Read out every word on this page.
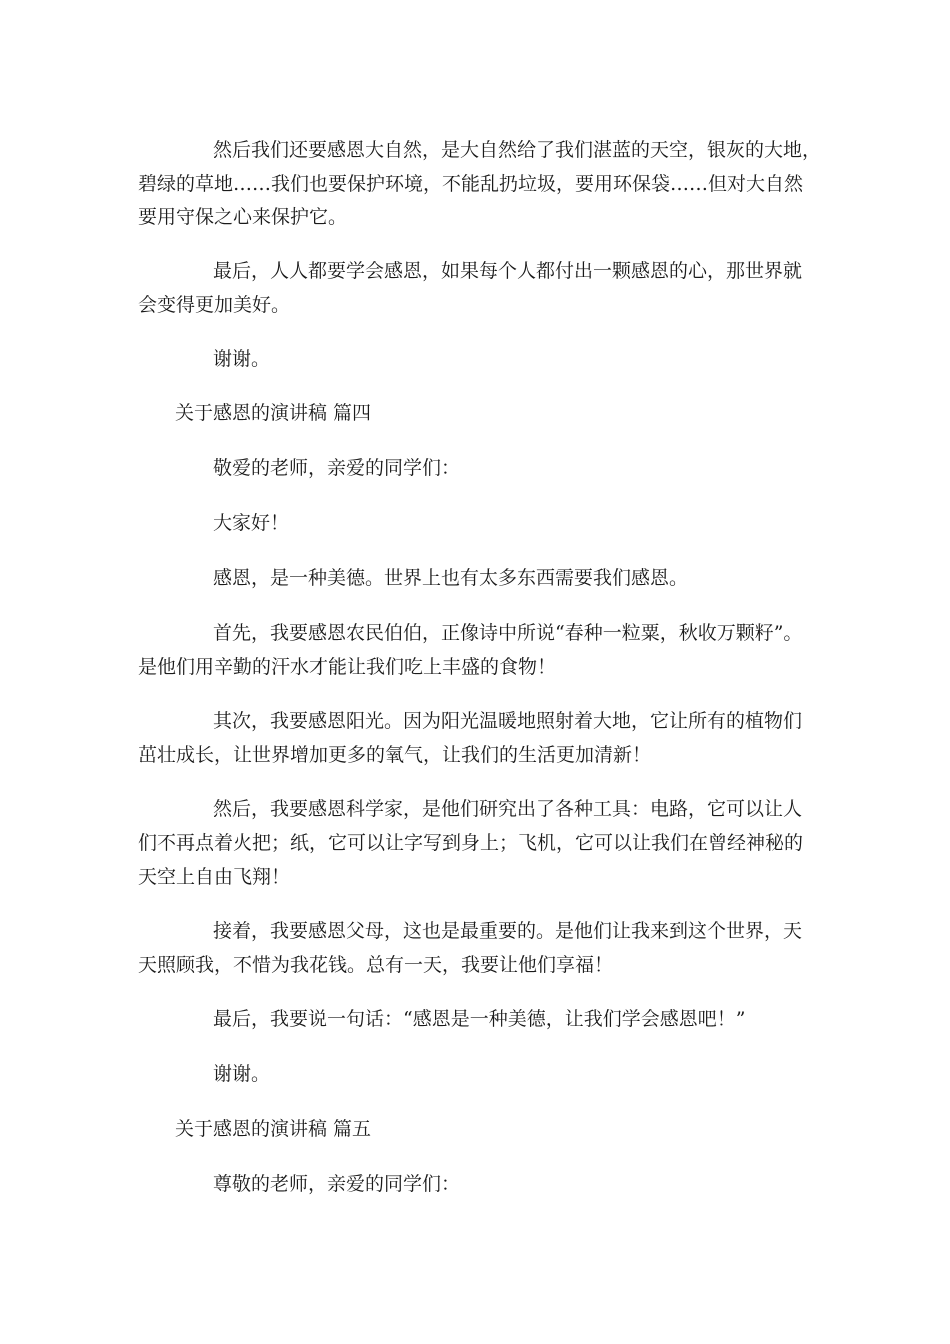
然后我们还要感恩大自然，是大自然给了我们湛蓝的天空，银灰的大地，
碧绿的草地……我们也要保护环境，不能乱扔垃圾，要用环保袋……但对大自然
要用守保之心来保护它。
最后，人人都要学会感恩，如果每个人都付出一颗感恩的心，那世界就
会变得更加美好。
谢谢。
关于感恩的演讲稿 篇四
敬爱的老师，亲爱的同学们：
大家好！
感恩，是一种美德。世界上也有太多东西需要我们感恩。
首先，我要感恩农民伯伯，正像诗中所说“春种一粒粟，秋收万颗籽”。
是他们用辛勤的汗水才能让我们吃上丰盛的食物！
其次，我要感恩阳光。因为阳光温暖地照射着大地，它让所有的植物们
茁壮成长，让世界增加更多的氧气，让我们的生活更加清新！
然后，我要感恩科学家，是他们研究出了各种工具：电路，它可以让人
们不再点着火把；纸，它可以让字写到身上；飞机，它可以让我们在曾经神秘的
天空上自由飞翔！
接着，我要感恩父母，这也是最重要的。是他们让我来到这个世界，天
天照顾我，不惜为我花钱。总有一天，我要让他们享福！
最后，我要说一句话：“感恩是一种美德，让我们学会感恩吧！”
谢谢。
关于感恩的演讲稿 篇五
尊敬的老师，亲爱的同学们：
